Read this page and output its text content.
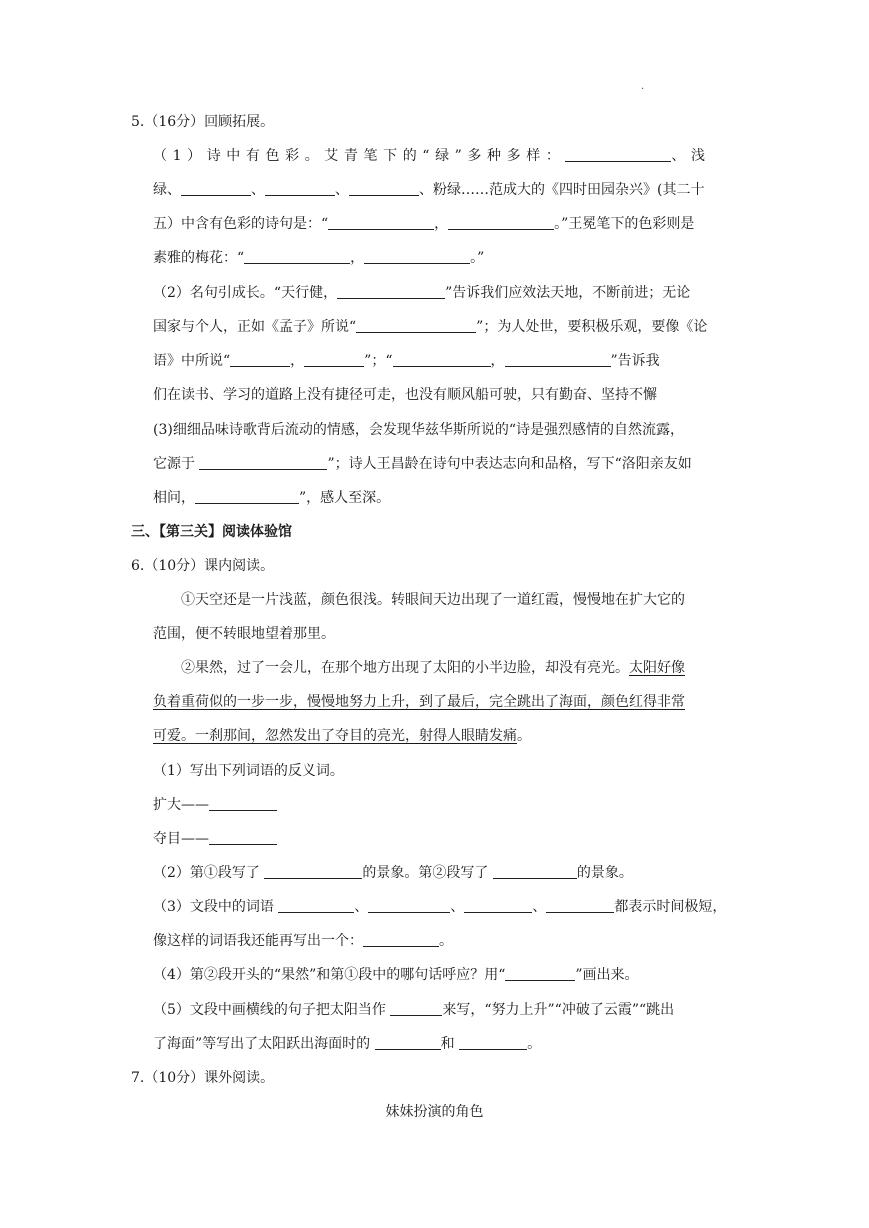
·
5.（16分）回顾拓展。
（1）诗中有色彩。艾青笔下的“绿”多种多样：	、浅
绿、	、	、	、粉绿……范成大的《四时田园杂兴》(其二十
五）中含有色彩的诗句是：“	，	。”王冕笔下的色彩则是
素雅的梅花：“	，	。”
（2）名句引成长。“天行健，	”告诉我们应效法天地，不断前进；无论
国家与个人，正如《孟子》所说“	”；为人处世，要积极乐观，要像《论
语》中所说“	，	”；“	，	”告诉我
们在读书、学习的道路上没有捷径可走，也没有顺风船可驶，只有勤奋、坚持不懈
(3)细细品味诗歌背后流动的情感，会发现华兹华斯所说的“诗是强烈感情的自然流露，
它源于	”；诗人王昌龄在诗句中表达志向和品格，写下“洛阳亲友如
相问，	”，感人至深。
三、【第三关】阅读体验馆
6.（10分）课内阅读。
①天空还是一片浅蓝，颜色很浅。转眼间天边出现了一道红霞，慢慢地在扩大它的
范围，便不转眼地望着那里。
②果然，过了一会儿，在那个地方出现了太阳的小半边脸，却没有亮光。太阳好像
负着重荷似的一步一步，慢慢地努力上升，到了最后，完全跳出了海面，颜色红得非常
可爱。一刹那间，忽然发出了夺目的亮光，射得人眼睛发痛。
（1）写出下列词语的反义词。
扩大——
夺目——
（2）第①段写了	的景象。第②段写了	的景象。
（3）文段中的词语	、	、	、	都表示时间极短，
像这样的词语我还能再写出一个：	。
（4）第②段开头的“果然”和第①段中的哪句话呼应？用“	”画出来。
（5）文段中画横线的句子把太阳当作	来写，“努力上升”“冲破了云霞”“跳出
了海面”等写出了太阳跃出海面时的	和	。
7.（10分）课外阅读。
妹妹扮演的角色
